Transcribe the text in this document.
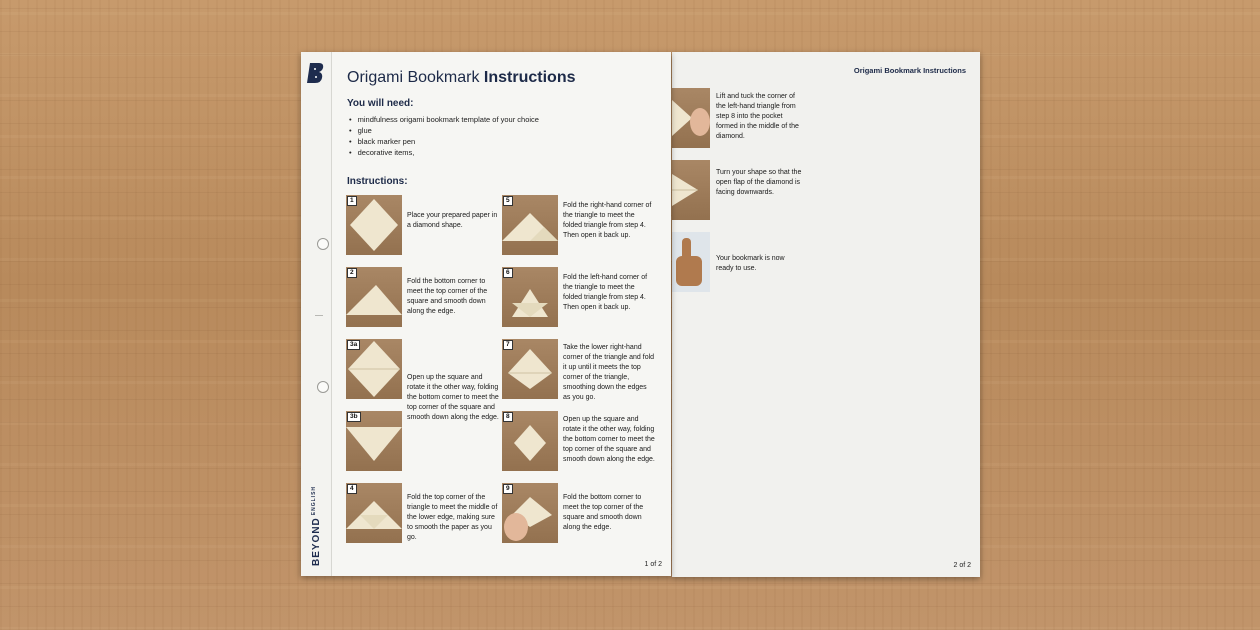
Origami Bookmark Instructions
Lift and tuck the corner of the left-hand triangle from step 8 into the pocket formed in the middle of the diamond.
Turn your shape so that the open flap of the diamond is facing downwards.
Your bookmark is now ready to use.
2 of 2
$BEYOND^{ENGLISH}$
Origami Bookmark Instructions
You will need:
• mindfulness origami bookmark template of your choice
• glue
• black marker pen
• decorative items,
Instructions:
1
Place your prepared paper in a diamond shape.
2
Fold the bottom corner to meet the top corner of the square and smooth down along the edge.
3a
Open up the square and rotate it the other way, folding the bottom corner to meet the top corner of the square and smooth down along the edge.
3b
4
Fold the top corner of the triangle to meet the middle of the lower edge, making sure to smooth the paper as you go.
5
Fold the right-hand corner of the triangle to meet the folded triangle from step 4. Then open it back up.
6
Fold the left-hand corner of the triangle to meet the folded triangle from step 4. Then open it back up.
7	Take the lower right-hand corner of the triangle and fold it up until it meets the top corner of the triangle, smoothing down the edges as you go.
8	Open up the square and rotate it the other way, folding the bottom corner to meet the top corner of the square and smooth down along the edge.
9
Fold the bottom corner to meet the top corner of the square and smooth down along the edge.
1 of 2
